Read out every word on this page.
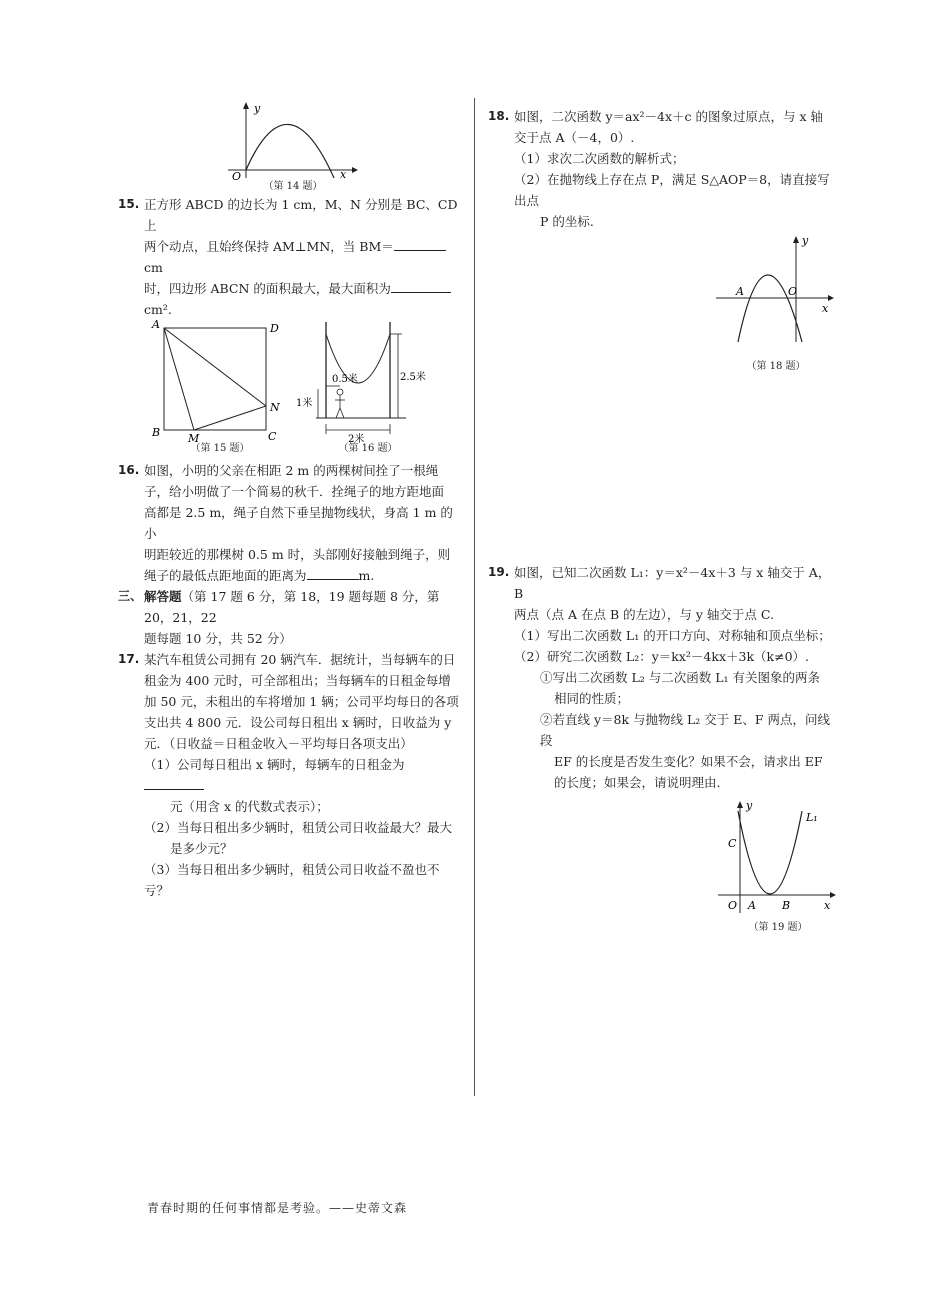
y
x
O
（第 14 题）
15. 正方形 ABCD 的边长为 1 cm，M、N 分别是 BC、CD 上
两个动点，且始终保持 AM⊥MN，当 BM＝cm
时，四边形 ABCN 的面积最大，最大面积为
cm².
A	D
B	C
M
N
（第 15 题）
0.5米	2.5米
1米
2米
（第 16 题）
16. 如图，小明的父亲在相距 2 m 的两棵树间拴了一根绳
子，给小明做了一个简易的秋千．拴绳子的地方距地面
高都是 2.5 m，绳子自然下垂呈抛物线状，身高 1 m 的小
明距较近的那棵树 0.5 m 时，头部刚好接触到绳子，则
绳子的最低点距地面的距离为	m.
三、 解答题（第 17 题 6 分，第 18，19 题每题 8 分，第 20，21，22
题每题 10 分，共 52 分）
17. 某汽车租赁公司拥有 20 辆汽车．据统计，当每辆车的日
租金为 400 元时，可全部租出；当每辆车的日租金每增
加 50 元，未租出的车将增加 1 辆；公司平均每日的各项
支出共 4 800 元．设公司每日租出 x 辆时，日收益为 y
元．（日收益＝日租金收入－平均每日各项支出）
（1）公司每日租出 x 辆时，每辆车的日租金为
元（用含 x 的代数式表示）；
（2）当每日租出多少辆时，租赁公司日收益最大？最大
是多少元？
（3）当每日租出多少辆时，租赁公司日收益不盈也不亏？
18. 如图，二次函数 y＝ax²－4x＋c 的图象过原点，与 x 轴
交于点 A（－4，0）.
（1）求次二次函数的解析式；
（2）在抛物线上存在点 P，满足 S△AOP＝8，请直接写出点
P 的坐标.
A	O
x
y
（第 18 题）
19. 如图，已知二次函数 L₁：y＝x²－4x＋3 与 x 轴交于 A，B
两点（点 A 在点 B 的左边），与 y 轴交于点 C.
（1）写出二次函数 L₁ 的开口方向、对称轴和顶点坐标；
（2）研究二次函数 L₂：y＝kx²－4kx＋3k（k≠0）.
①写出二次函数 L₂ 与二次函数 L₁ 有关图象的两条
相同的性质；
②若直线 y＝8k 与抛物线 L₂ 交于 E、F 两点，问线段
EF 的长度是否发生变化？如果不会，请求出 EF
的长度；如果会，请说明理由.
C
O A B
L₁
x
y
（第 19 题）
青春时期的任何事情都是考验。——史蒂文森
